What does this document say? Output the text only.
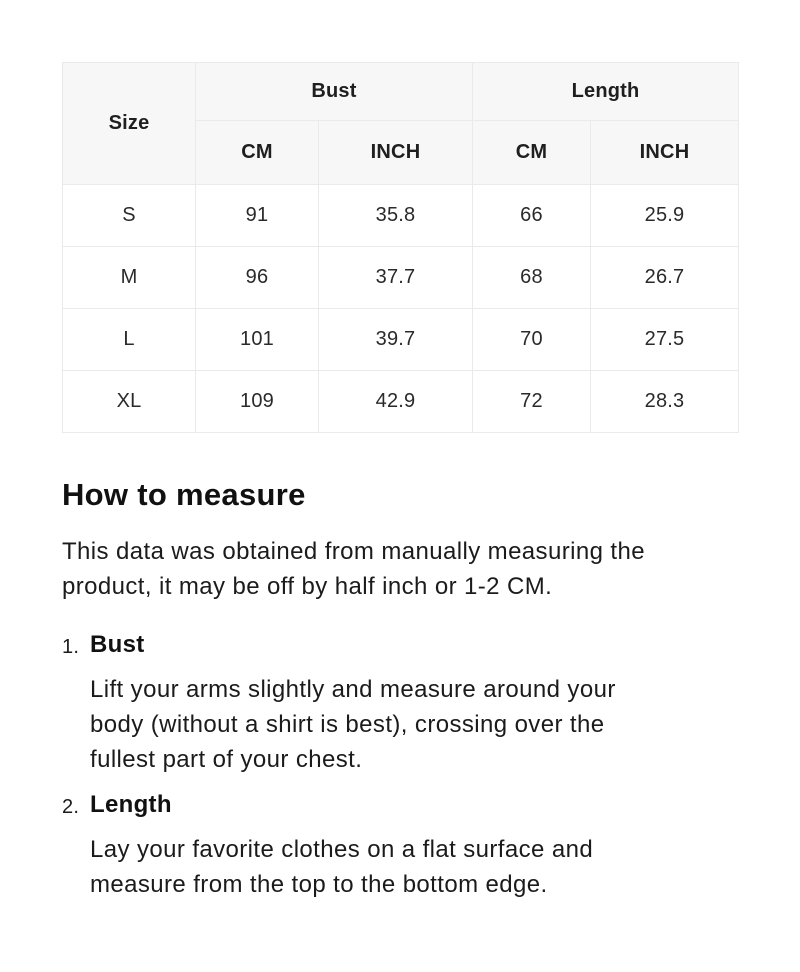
Size	Bust		Length	
	CM	INCH	CM	INCH
S	91	35.8	66	25.9
M	96	37.7	68	26.7
L	101	39.7	70	27.5
XL	109	42.9	72	28.3
How to measure

This data was obtained from manually measuring the product, it may be off by half inch or 1-2 CM.

1. Bust

Lift your arms slightly and measure around your body (without a shirt is best), crossing over the fullest part of your chest.

2. Length

Lay your favorite clothes on a flat surface and measure from the top to the bottom edge.
